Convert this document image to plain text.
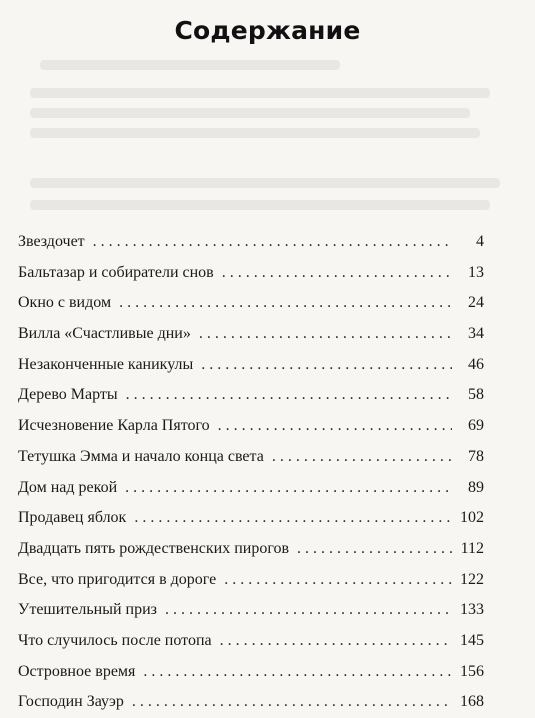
Содержание
Звездочет . . .	4
Бальтазар и собиратели снов . . .	13
Окно с видом . . .	24
Вилла «Счастливые дни» . . .	34
Незаконченные каникулы . . .	46
Дерево Марты . . .	58
Исчезновение Карла Пятого . . .	69
Тетушка Эмма и начало конца света . . .	78
Дом над рекой . . .	89
Продавец яблок . . .	102
Двадцать пять рождественских пирогов . . .	112
Все, что пригодится в дороге . . .	122
Утешительный приз . . .	133
Что случилось после потопа . . .	145
Островное время . . .	156
Господин Зауэр . . .	168
